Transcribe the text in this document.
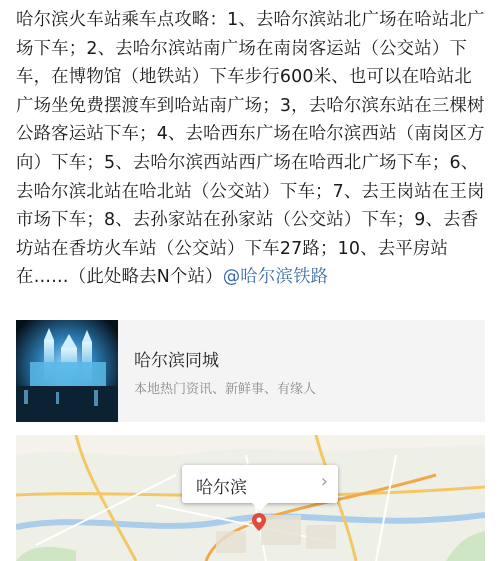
哈尔滨火车站乘车点攻略：1、去哈尔滨站北广场在哈站北广场下车；2、去哈尔滨站南广场在南岗客运站（公交站）下车，在博物馆（地铁站）下车步行600米、也可以在哈站北广场坐免费摆渡车到哈站南广场；3，去哈尔滨东站在三棵树公路客运站下车；4、去哈西东广场在哈尔滨西站（南岗区方向）下车；5、去哈尔滨西站西广场在哈西北广场下车；6、去哈尔滨北站在哈北站（公交站）下车；7、去王岗站在王岗市场下车；8、去孙家站在孙家站（公交站）下车；9、去香坊站在香坊火车站（公交站）下车27路；10、去平房站在……（此处略去N个站）@哈尔滨铁路
哈尔滨同城
本地热门资讯、新鲜事、有缘人
哈尔滨	›
